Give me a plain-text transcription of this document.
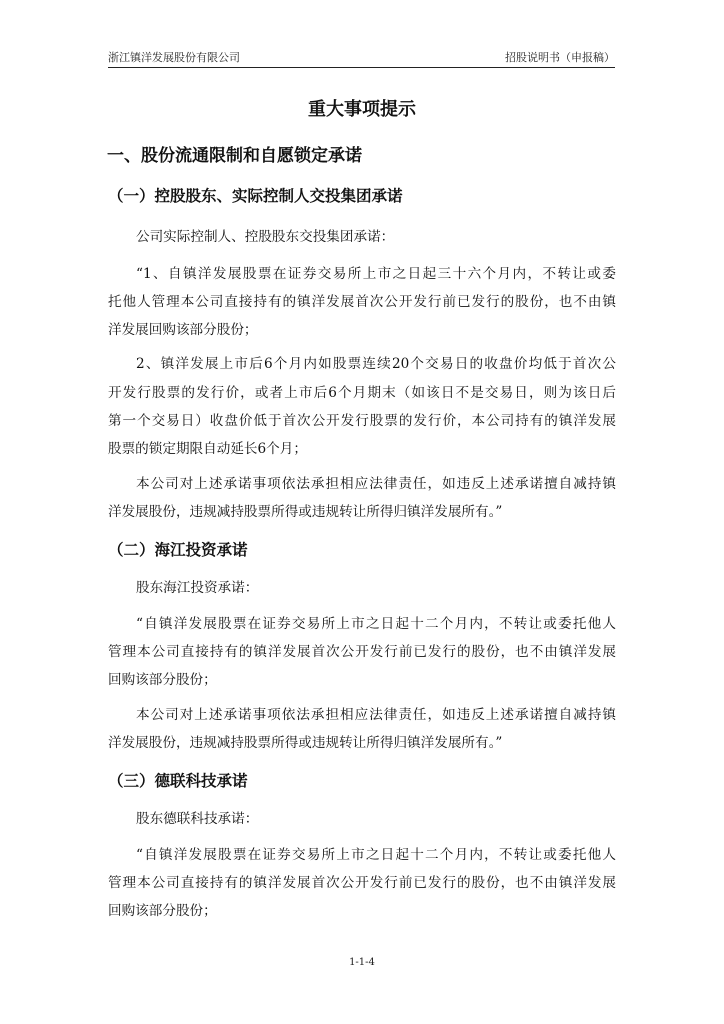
浙江镇洋发展股份有限公司	招股说明书（申报稿）
重大事项提示
一、股份流通限制和自愿锁定承诺
（一）控股股东、实际控制人交投集团承诺
公司实际控制人、控股股东交投集团承诺：
“1、自镇洋发展股票在证券交易所上市之日起三十六个月内，不转让或委
托他人管理本公司直接持有的镇洋发展首次公开发行前已发行的股份，也不由镇
洋发展回购该部分股份；
2、镇洋发展上市后6个月内如股票连续20个交易日的收盘价均低于首次公
开发行股票的发行价，或者上市后6个月期末（如该日不是交易日，则为该日后
第一个交易日）收盘价低于首次公开发行股票的发行价，本公司持有的镇洋发展
股票的锁定期限自动延长6个月；
本公司对上述承诺事项依法承担相应法律责任，如违反上述承诺擅自减持镇
洋发展股份，违规减持股票所得或违规转让所得归镇洋发展所有。”
（二）海江投资承诺
股东海江投资承诺：
“自镇洋发展股票在证券交易所上市之日起十二个月内，不转让或委托他人
管理本公司直接持有的镇洋发展首次公开发行前已发行的股份，也不由镇洋发展
回购该部分股份；
本公司对上述承诺事项依法承担相应法律责任，如违反上述承诺擅自减持镇
洋发展股份，违规减持股票所得或违规转让所得归镇洋发展所有。”
（三）德联科技承诺
股东德联科技承诺：
“自镇洋发展股票在证券交易所上市之日起十二个月内，不转让或委托他人
管理本公司直接持有的镇洋发展首次公开发行前已发行的股份，也不由镇洋发展
回购该部分股份；
1-1-4
